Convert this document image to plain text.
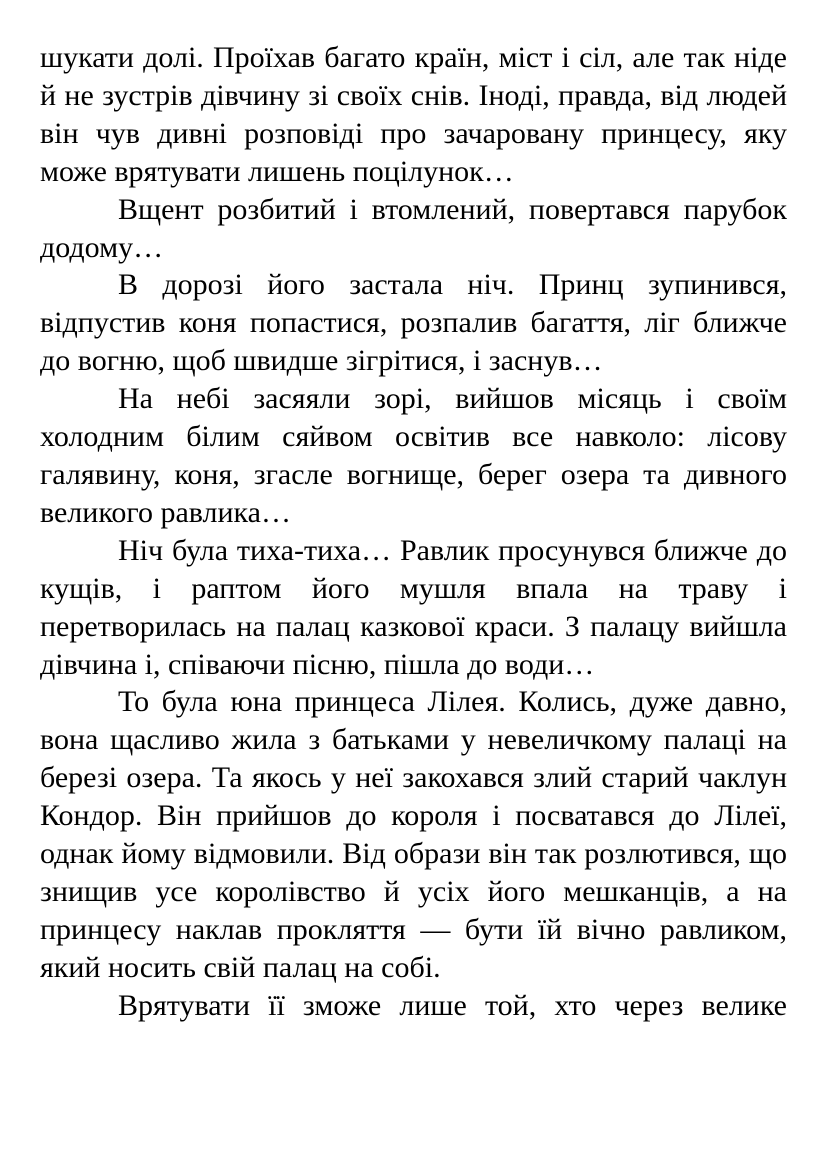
шукати долі. Проїхав багато країн, міст і сіл, але так ніде й не зустрів дівчину зі своїх снів. Іноді, правда, від людей він чув дивні розповіді про зачаровану принцесу, яку може врятувати лишень поцілунок…

Вщент розбитий і втомлений, повертався парубок додому…

В дорозі його застала ніч. Принц зупинився, відпустив коня попастися, розпалив багаття, ліг ближче до вогню, щоб швидше зігрітися, і заснув…

На небі засяяли зорі, вийшов місяць і своїм холодним білим сяйвом освітив все навколо: лісову галявину, коня, згасле вогнище, берег озера та дивного великого равлика…

Ніч була тиха-тиха… Равлик просунувся ближче до кущів, і раптом його мушля впала на траву і перетворилась на палац казкової краси. З палацу вийшла дівчина і, співаючи пісню, пішла до води…

То була юна принцеса Лілея. Колись, дуже давно, вона щасливо жила з батьками у невеличкому палаці на березі озера. Та якось у неї закохався злий старий чаклун Кондор. Він прийшов до короля і посватався до Лілеї, однак йому відмовили. Від образи він так розлютився, що знищив усе королівство й усіх його мешканців, а на принцесу наклав прокляття — бути їй вічно равликом, який носить свій палац на собі.

Врятувати її зможе лише той, хто через велике
